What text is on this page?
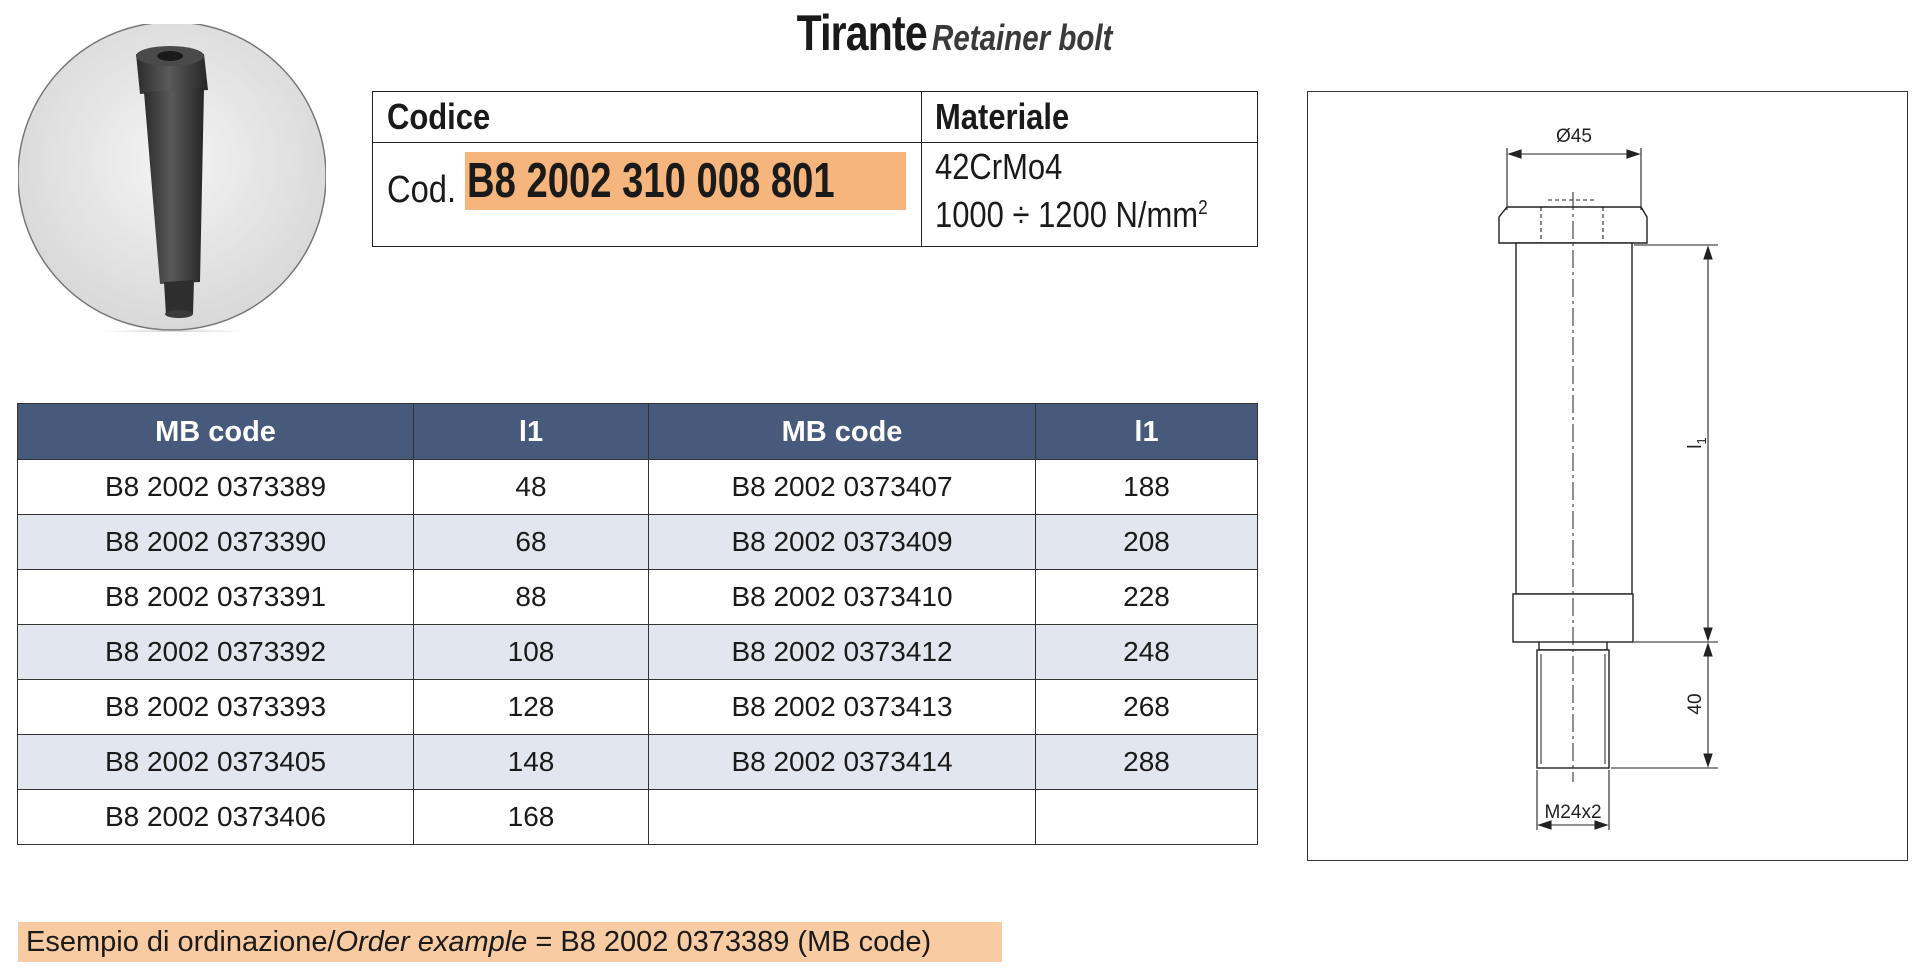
Tirante Retainer bolt
Codice	Materiale
Cod. B8 2002 310 008 801	42CrMo4
1000 ÷ 1200 $N/mm^2$
MB code	l1	MB code	l1
B8 2002 0373389	48	B8 2002 0373407	188
B8 2002 0373390	68	B8 2002 0373409	208
B8 2002 0373391	88	B8 2002 0373410	228
B8 2002 0373392	108	B8 2002 0373412	248
B8 2002 0373393	128	B8 2002 0373413	268
B8 2002 0373405	148	B8 2002 0373414	288
B8 2002 0373406	168		
Ø45
$l_1$
40
M24x2
Esempio di ordinazione/Order example = B8 2002 0373389 (MB code)
